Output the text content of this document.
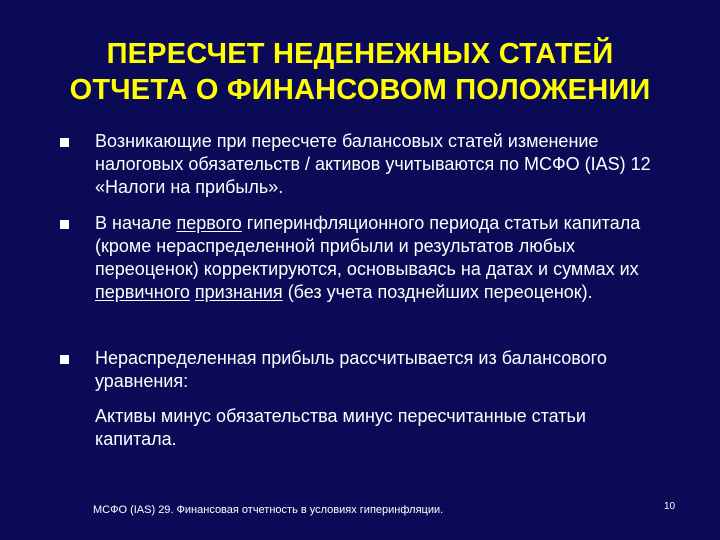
ПЕРЕСЧЕТ НЕДЕНЕЖНЫХ СТАТЕЙ
ОТЧЕТА О ФИНАНСОВОМ ПОЛОЖЕНИИ
Возникающие при пересчете балансовых статей изменение налоговых обязательств / активов учитываются по МСФО (IAS) 12 «Налоги на прибыль».
В начале первого гиперинфляционного периода статьи капитала (кроме нераспределенной прибыли и результатов любых переоценок) корректируются, основываясь на датах и суммах их первичного признания (без учета позднейших переоценок).
Нераспределенная прибыль рассчитывается из балансового уравнения:
Активы минус обязательства минус пересчитанные статьи капитала.
МСФО (IAS) 29. Финансовая отчетность в условиях гиперинфляции.	10
